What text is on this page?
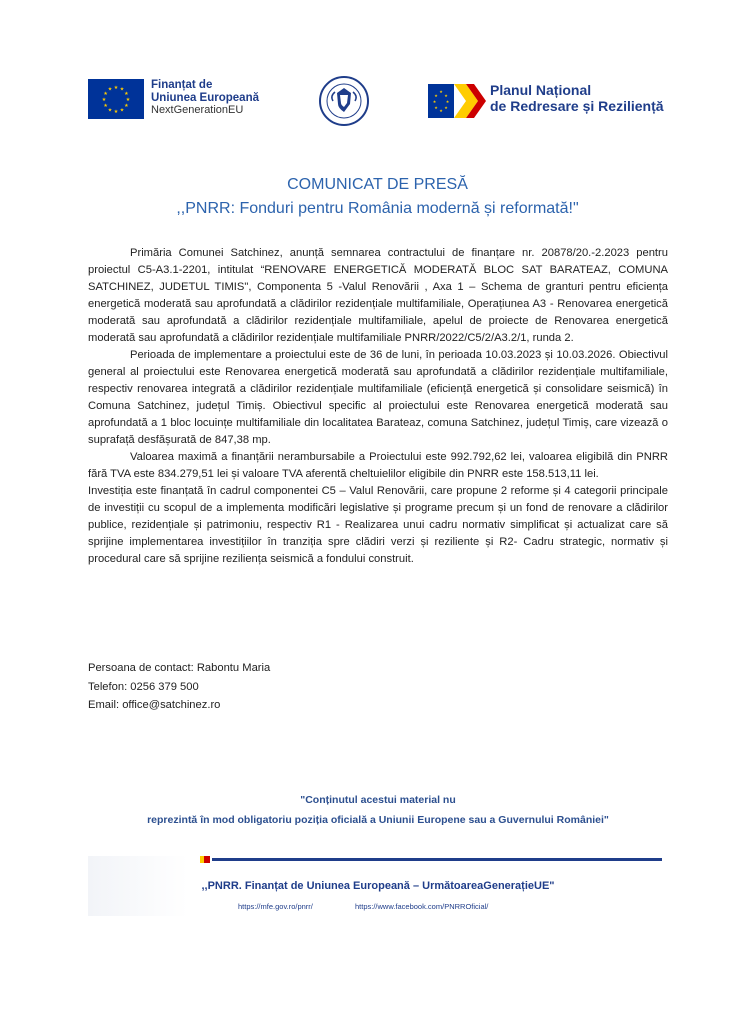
★ ★
★
★
★
★
★
★
★
★
★
★	Finanțat de
Uniunea Europeană
NextGenerationEU
★
★
★
★
★
★
★
★	Planul Național
de Redresare și Reziliență
COMUNICAT DE PRESĂ
,,PNRR: Fonduri pentru România modernă și reformată!"

Primăria Comunei Satchinez, anunță semnarea contractului de finanțare nr. 20878/20.-2.2023 pentru proiectul C5-A3.1-2201, intitulat “RENOVARE ENERGETICĂ MODERATĂ BLOC SAT BARATEAZ, COMUNA SATCHINEZ, JUDETUL TIMIS", Componenta 5 -Valul Renovării , Axa 1 – Schema de granturi pentru eficiența energetică moderată sau aprofundată a clădirilor rezidențiale multifamiliale, Operațiunea A3 - Renovarea energetică moderată sau aprofundată a clădirilor rezidențiale multifamiliale, apelul de proiecte de Renovarea energetică moderată sau aprofundată a clădirilor rezidențiale multifamiliale PNRR/2022/C5/2/A3.2/1, runda 2.

Perioada de implementare a proiectului este de 36 de luni, în perioada 10.03.2023 și 10.03.2026. Obiectivul general al proiectului este Renovarea energetică moderată sau aprofundată a clădirilor rezidențiale multifamiliale, respectiv renovarea integrată a clădirilor rezidențiale multifamiliale (eficiență energetică și consolidare seismică) în Comuna Satchinez, județul Timiș. Obiectivul specific al proiectului este Renovarea energetică moderată sau aprofundată a 1 bloc locuințe multifamiliale din localitatea Barateaz, comuna Satchinez, județul Timiș, care vizează o suprafață desfășurată de 847,38 mp.

Valoarea maximă a finanțării nerambursabile a Proiectului este 992.792,62 lei, valoarea eligibilă din PNRR fără TVA este 834.279,51 lei și valoare TVA aferentă cheltuielilor eligibile din PNRR este 158.513,11 lei.

Investiția este finanțată în cadrul componentei C5 – Valul Renovării, care propune 2 reforme și 4 categorii principale de investiții cu scopul de a implementa modificări legislative și programe precum și un fond de renovare a clădirilor publice, rezidențiale și patrimoniu, respectiv R1 - Realizarea unui cadru normativ simplificat și actualizat care să sprijine implementarea investițiilor în tranziția spre clădiri verzi și reziliente și R2- Cadru strategic, normativ și procedural care să sprijine reziliența seismică a fondului construit.

Persoana de contact: Rabontu Maria
Telefon: 0256 379 500
Email: office@satchinez.ro
"Conținutul acestui material nu
reprezintă în mod obligatoriu poziția oficială a Uniunii Europene sau a Guvernului României"
,,PNRR. Finanțat de Uniunea Europeană – UrmătoareaGenerațieUE"
https://mfe.gov.ro/pnrr/	https://www.facebook.com/PNRROficial/
